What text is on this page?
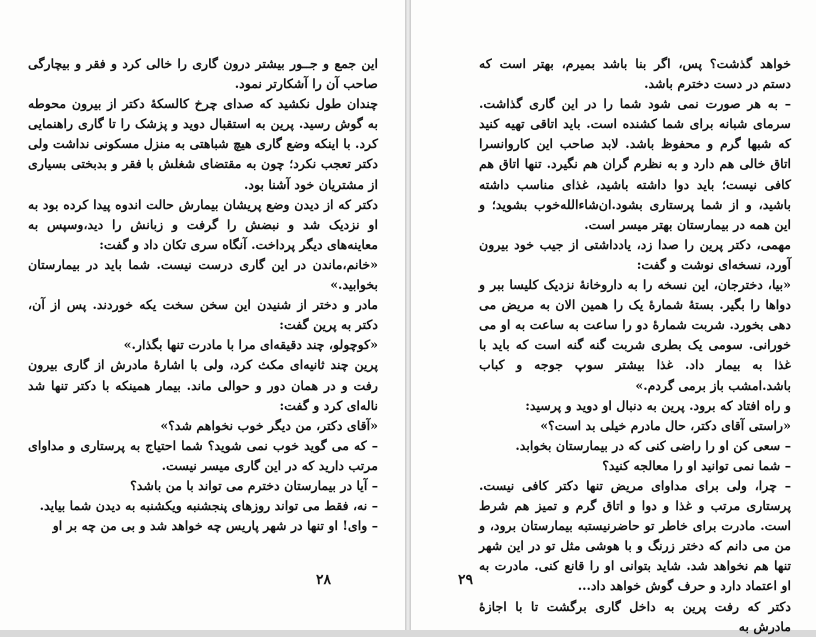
این جمع و جــور بیشتر درون گاری را خالی کرد و فقر و بیچارگی صاحب آن را آشکارتر نمود.

چندان طول نکشید که صدای چرخ کالسکهٔ دکتر از بیرون محوطه به گوش رسید. پرین به استقبال دوید و پزشک را تا گاری راهنمایی کرد. با اینکه وضع گاری هیچ شباهتی به منزل مسکونی نداشت ولی دکتر تعجب نکرد؛ چون به مقتضای شغلش با فقر و بدبختی بسیاری از مشتریان خود آشنا بود.

دکتر که از دیدن وضع پریشان بیمارش حالت اندوه پیدا کرده بود به او نزدیک شد و نبضش را گرفت و زبانش را دید،وسپس به معاینه‌های دیگر پرداخت. آنگاه سری تکان داد و گفت:

«خانم،ماندن در این گاری درست نیست. شما باید در بیمارستان بخوابید.»

مادر و دختر از شنیدن این سخن سخت یکه خوردند. پس از آن، دکتر به پرین گفت:

«کوچولو، چند دقیقه‌ای مرا با مادرت تنها بگذار.»

پرین چند ثانیه‌ای مکث کرد، ولی با اشارهٔ مادرش از گاری بیرون رفت و در همان دور و حوالی ماند. بیمار همینکه با دکتر تنها شد ناله‌ای کرد و گفت:

«آقای دکتر، من دیگر خوب نخواهم شد؟»

– که می گوید خوب نمی شوید؟ شما احتیاج به پرستاری و مداوای مرتب دارید که در این گاری میسر نیست.

– آیا در بیمارستان دخترم می تواند با من باشد؟

– نه، فقط می تواند روزهای پنجشنبه ویکشنبه به دیدن شما بیاید.

– وای! او تنها در شهر پاریس چه خواهد شد و بی من چه بر او

۲۸

خواهد گذشت؟ پس، اگر بنا باشد بمیرم، بهتر است که دستم در دست دخترم باشد.

– به هر صورت نمی شود شما را در این گاری گذاشت. سرمای شبانه برای شما کشنده است. باید اتاقی تهیه کنید که شبها گرم و محفوظ باشد. لابد صاحب این کاروانسرا اتاق خالی هم دارد و به نظرم گران هم نگیرد. تنها اتاق هم کافی نیست؛ باید دوا داشته باشید، غذای مناسب داشته باشید، و از شما پرستاری بشود.ان‌شاءالله‌خوب بشوید؛ و این همه در بیمارستان بهتر میسر است.

مهمی، دکتر پرین را صدا زد، یادداشتی از جیب خود بیرون آورد، نسخه‌ای نوشت و گفت:

«بیا، دخترجان، این نسخه را به داروخانهٔ نزدیک کلیسا ببر و دواها را بگیر. بستهٔ شمارهٔ یک را همین الان به مریض می دهی بخورد. شربت شمارهٔ دو را ساعت به ساعت به او می خورانی. سومی یک بطری شربت گنه گنه است که باید با غذا به بیمار داد. غذا بیشتر سوپ جوجه و کباب باشد.امشب باز برمی گردم.»

و راه افتاد که برود. پرین به دنبال او دوید و پرسید:

«راستی آقای دکتر، حال مادرم خیلی بد است؟»

– سعی کن او را راضی کنی که در بیمارستان بخوابد.

– شما نمی توانید او را معالجه کنید؟

– چرا، ولی برای مداوای مریض تنها دکتر کافی نیست. پرستاری مرتب و غذا و دوا و اتاق گرم و تمیز هم شرط است. مادرت برای خاطر تو حاضرنیستبه بیمارستان برود، و من می دانم که دختر زرنگ و با هوشی مثل تو در این شهر تنها هم نخواهد شد. شاید بتوانی او را قانع کنی. مادرت به او اعتماد دارد و حرف گوش خواهد داد...

دکتر که رفت پرین به داخل گاری برگشت تا با اجازهٔ مادرش به

۲۹
